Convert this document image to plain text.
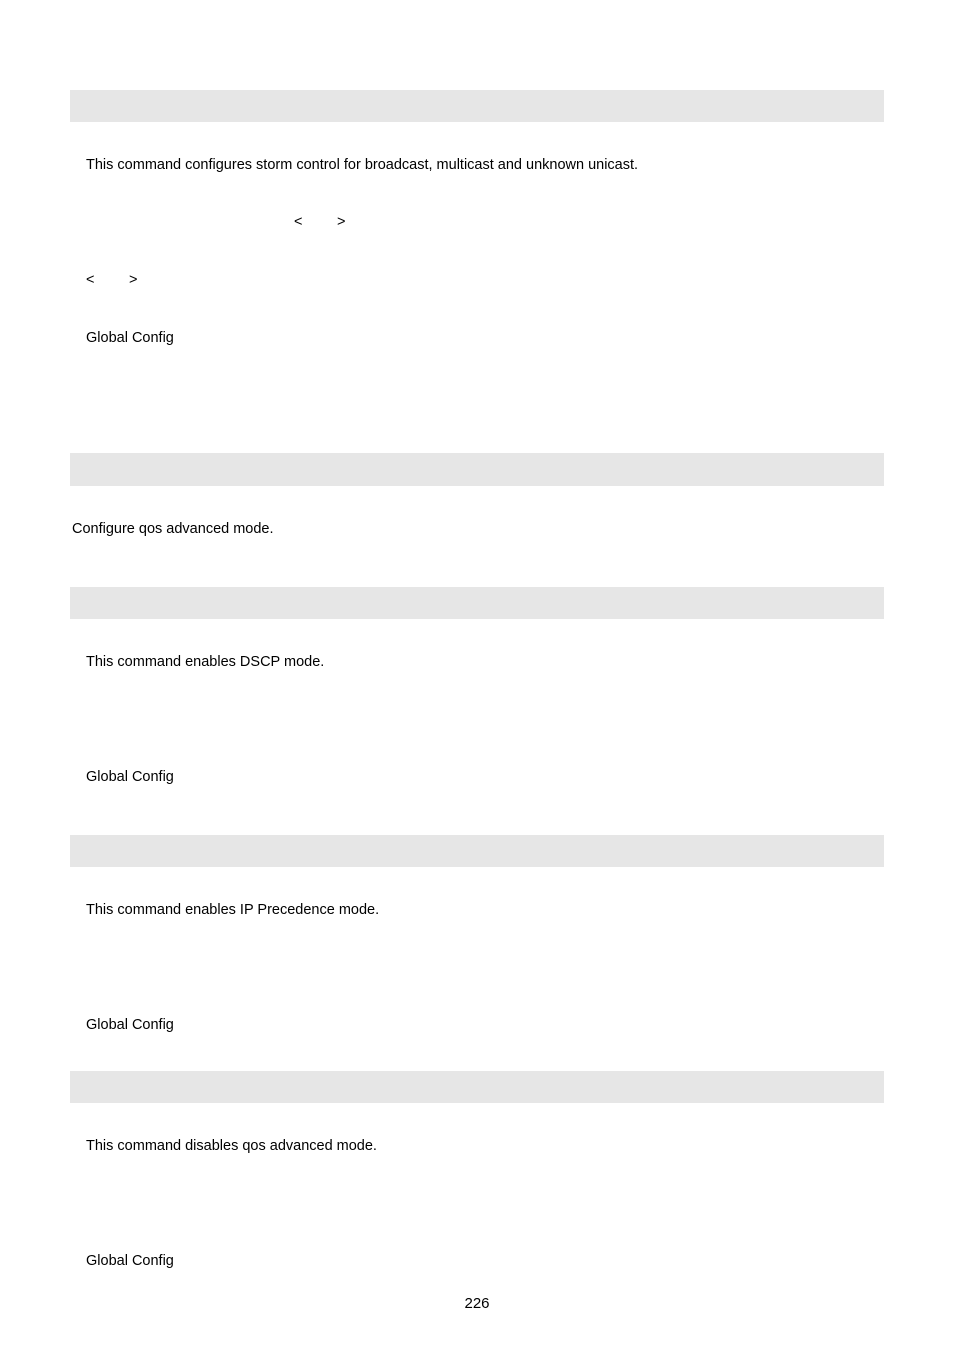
This command configures storm control for broadcast, multicast and unknown unicast.
< >
< >
Global Config
Configure qos advanced mode.
This command enables DSCP mode.
Global Config
This command enables IP Precedence mode.
Global Config
This command disables qos advanced mode.
Global Config
226
